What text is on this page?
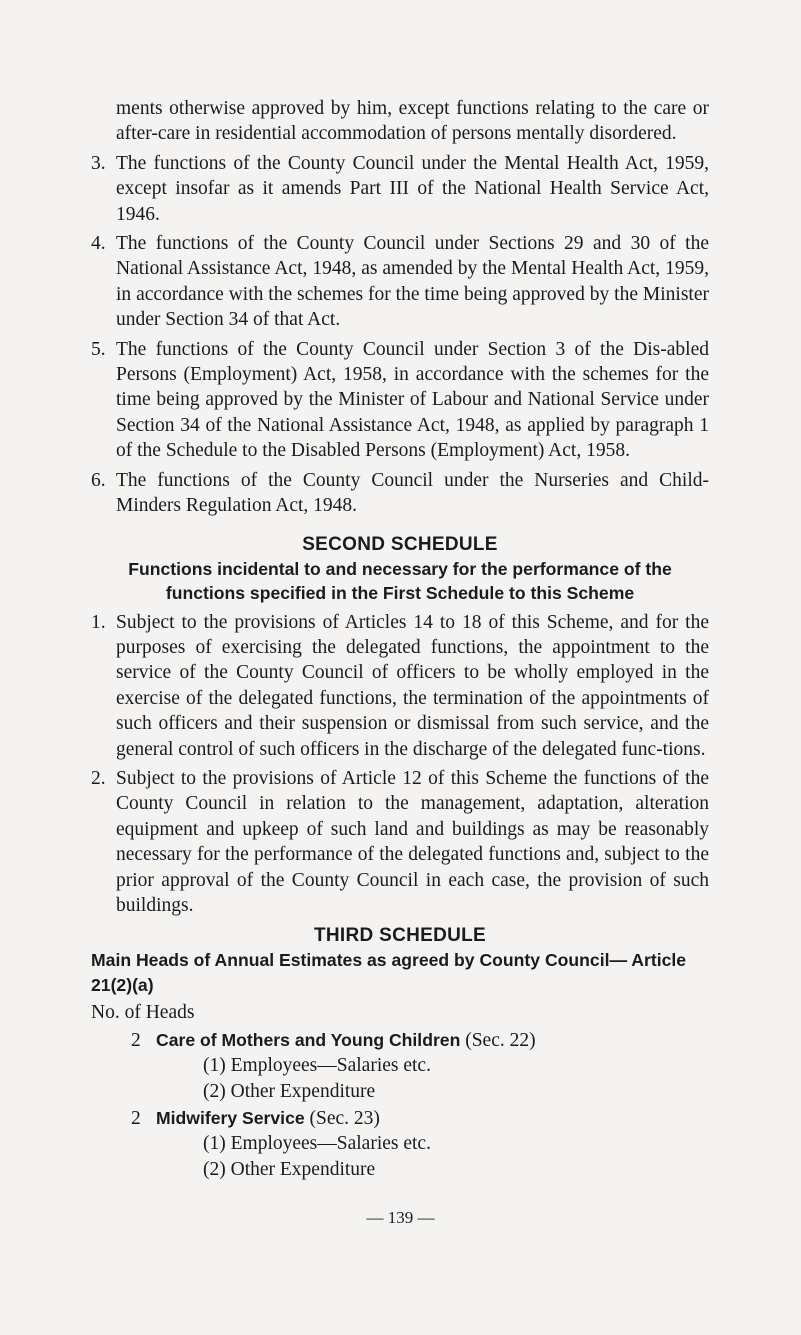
ments otherwise approved by him, except functions relating to the care or after-care in residential accommodation of persons mentally disordered.

3. The functions of the County Council under the Mental Health Act, 1959, except insofar as it amends Part III of the National Health Service Act, 1946.
4. The functions of the County Council under Sections 29 and 30 of the National Assistance Act, 1948, as amended by the Mental Health Act, 1959, in accordance with the schemes for the time being approved by the Minister under Section 34 of that Act.
5. The functions of the County Council under Section 3 of the Dis-abled Persons (Employment) Act, 1958, in accordance with the schemes for the time being approved by the Minister of Labour and National Service under Section 34 of the National Assistance Act, 1948, as applied by paragraph 1 of the Schedule to the Disabled Persons (Employment) Act, 1958.
6. The functions of the County Council under the Nurseries and Child-Minders Regulation Act, 1948.
SECOND SCHEDULE
Functions incidental to and necessary for the performance of the functions specified in the First Schedule to this Scheme
1. Subject to the provisions of Articles 14 to 18 of this Scheme, and for the purposes of exercising the delegated functions, the appointment to the service of the County Council of officers to be wholly employed in the exercise of the delegated functions, the termination of the appointments of such officers and their suspension or dismissal from such service, and the general control of such officers in the discharge of the delegated func-tions.
2. Subject to the provisions of Article 12 of this Scheme the functions of the County Council in relation to the management, adaptation, alteration equipment and upkeep of such land and buildings as may be reasonably necessary for the performance of the delegated functions and, subject to the prior approval of the County Council in each case, the provision of such buildings.
THIRD SCHEDULE
Main Heads of Annual Estimates as agreed by County Council— Article 21(2)(a)
No. of Heads
2 Care of Mothers and Young Children (Sec. 22)
(1) Employees—Salaries etc.
(2) Other Expenditure
2 Midwifery Service (Sec. 23)
(1) Employees—Salaries etc.
(2) Other Expenditure
— 139 —
